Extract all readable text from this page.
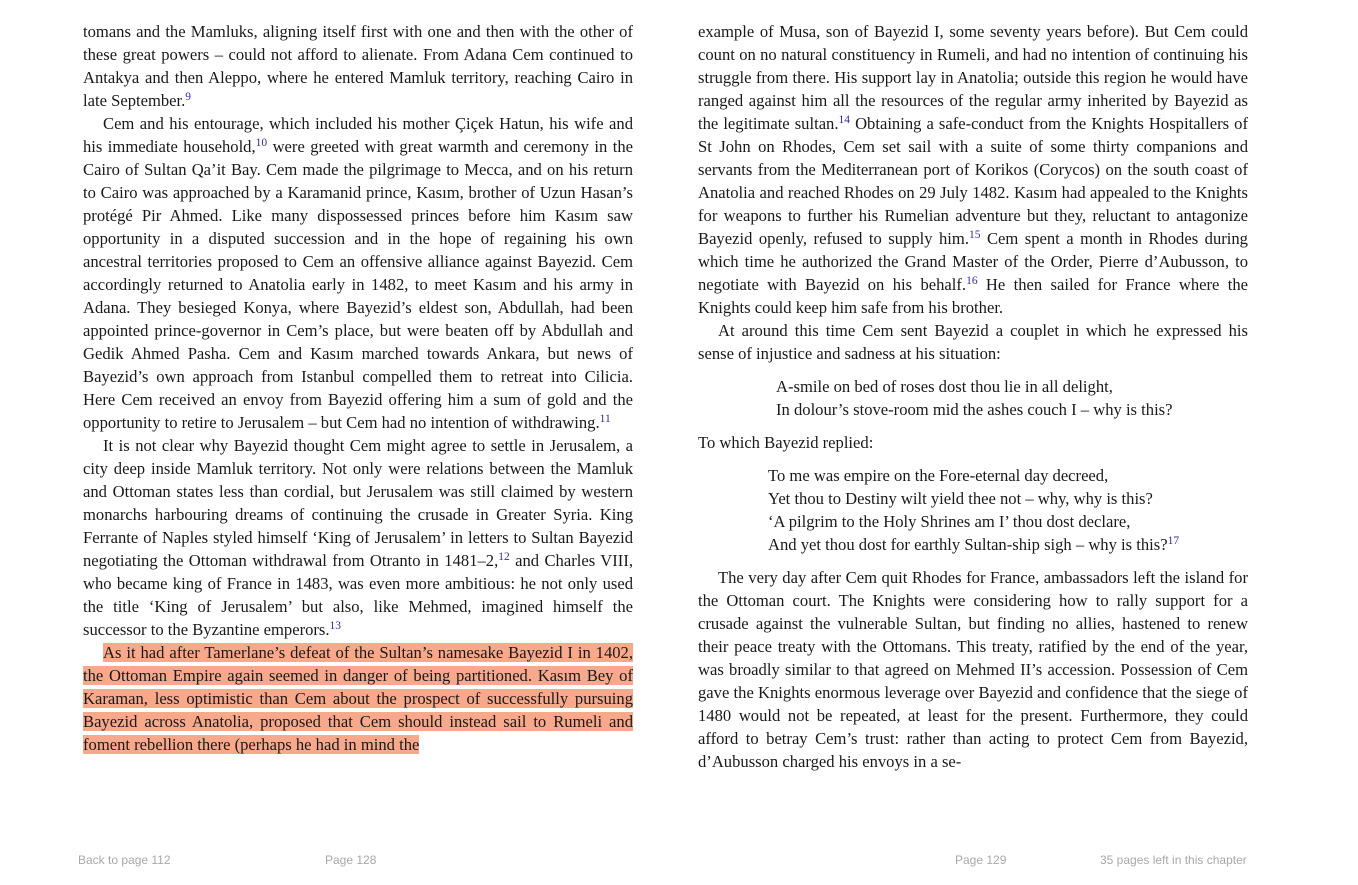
tomans and the Mamluks, aligning itself first with one and then with the other of these great powers – could not afford to alienate. From Adana Cem continued to Antakya and then Aleppo, where he entered Mamluk territory, reaching Cairo in late September.$^9$

Cem and his entourage, which included his mother Çiçek Hatun, his wife and his immediate household,$^{10}$ were greeted with great warmth and ceremony in the Cairo of Sultan Qa’it Bay. Cem made the pilgrimage to Mecca, and on his return to Cairo was approached by a Karamanid prince, Kasım, brother of Uzun Hasan’s protégé Pir Ahmed. Like many dispossessed princes before him Kasım saw opportunity in a disputed succession and in the hope of regaining his own ancestral territories proposed to Cem an offensive alliance against Bayezid. Cem accordingly returned to Anatolia early in 1482, to meet Kasım and his army in Adana. They besieged Konya, where Bayezid’s eldest son, Abdullah, had been appointed prince-governor in Cem’s place, but were beaten off by Abdullah and Gedik Ahmed Pasha. Cem and Kasım marched towards Ankara, but news of Bayezid’s own approach from Istanbul compelled them to retreat into Cilicia. Here Cem received an envoy from Bayezid offering him a sum of gold and the opportunity to retire to Jerusalem – but Cem had no intention of withdrawing.$^{11}$

It is not clear why Bayezid thought Cem might agree to settle in Jerusalem, a city deep inside Mamluk territory. Not only were relations between the Mamluk and Ottoman states less than cordial, but Jerusalem was still claimed by western monarchs harbouring dreams of continuing the crusade in Greater Syria. King Ferrante of Naples styled himself ‘King of Jerusalem’ in letters to Sultan Bayezid negotiating the Ottoman withdrawal from Otranto in 1481–2,12 and Charles VIII, who became king of France in 1483, was even more ambitious: he not only used the title ‘King of Jerusalem’ but also, like Mehmed, imagined himself the successor to the Byzantine emperors.$^{13}$

As it had after Tamerlane’s defeat of the Sultan’s namesake Bayezid I in 1402, the Ottoman Empire again seemed in danger of being partitioned. Kasım Bey of Karaman, less optimistic than Cem about the prospect of successfully pursuing Bayezid across Anatolia, proposed that Cem should instead sail to Rumeli and foment rebellion there (perhaps he had in mind the

example of Musa, son of Bayezid I, some seventy years before). But Cem could count on no natural constituency in Rumeli, and had no intention of continuing his struggle from there. His support lay in Anatolia; outside this region he would have ranged against him all the resources of the regular army inherited by Bayezid as the legitimate sultan.$^{14}$ Obtaining a safe-conduct from the Knights Hospitallers of St John on Rhodes, Cem set sail with a suite of some thirty companions and servants from the Mediterranean port of Korikos (Corycos) on the south coast of Anatolia and reached Rhodes on 29 July 1482. Kasım had appealed to the Knights for weapons to further his Rumelian adventure but they, reluctant to antagonize Bayezid openly, refused to supply him.$^{15}$ Cem spent a month in Rhodes during which time he authorized the Grand Master of the Order, Pierre d’Aubusson, to negotiate with Bayezid on his behalf.$^{16}$ He then sailed for France where the Knights could keep him safe from his brother.

At around this time Cem sent Bayezid a couplet in which he expressed his sense of injustice and sadness at his situation:

A-smile on bed of roses dost thou lie in all delight,
In dolour’s stove-room mid the ashes couch I – why is this?

To which Bayezid replied:

To me was empire on the Fore-eternal day decreed,
Yet thou to Destiny wilt yield thee not – why, why is this?
‘A pilgrim to the Holy Shrines am I’ thou dost declare,
And yet thou dost for earthly Sultan-ship sigh – why is this?$^{17}$

The very day after Cem quit Rhodes for France, ambassadors left the island for the Ottoman court. The Knights were considering how to rally support for a crusade against the vulnerable Sultan, but finding no allies, hastened to renew their peace treaty with the Ottomans. This treaty, ratified by the end of the year, was broadly similar to that agreed on Mehmed II’s accession. Possession of Cem gave the Knights enormous leverage over Bayezid and confidence that the siege of 1480 would not be repeated, at least for the present. Furthermore, they could afford to betray Cem’s trust: rather than acting to protect Cem from Bayezid, d’Aubusson charged his envoys in a se-

Back to page 112	Page 128	Page 129	35 pages left in this chapter
